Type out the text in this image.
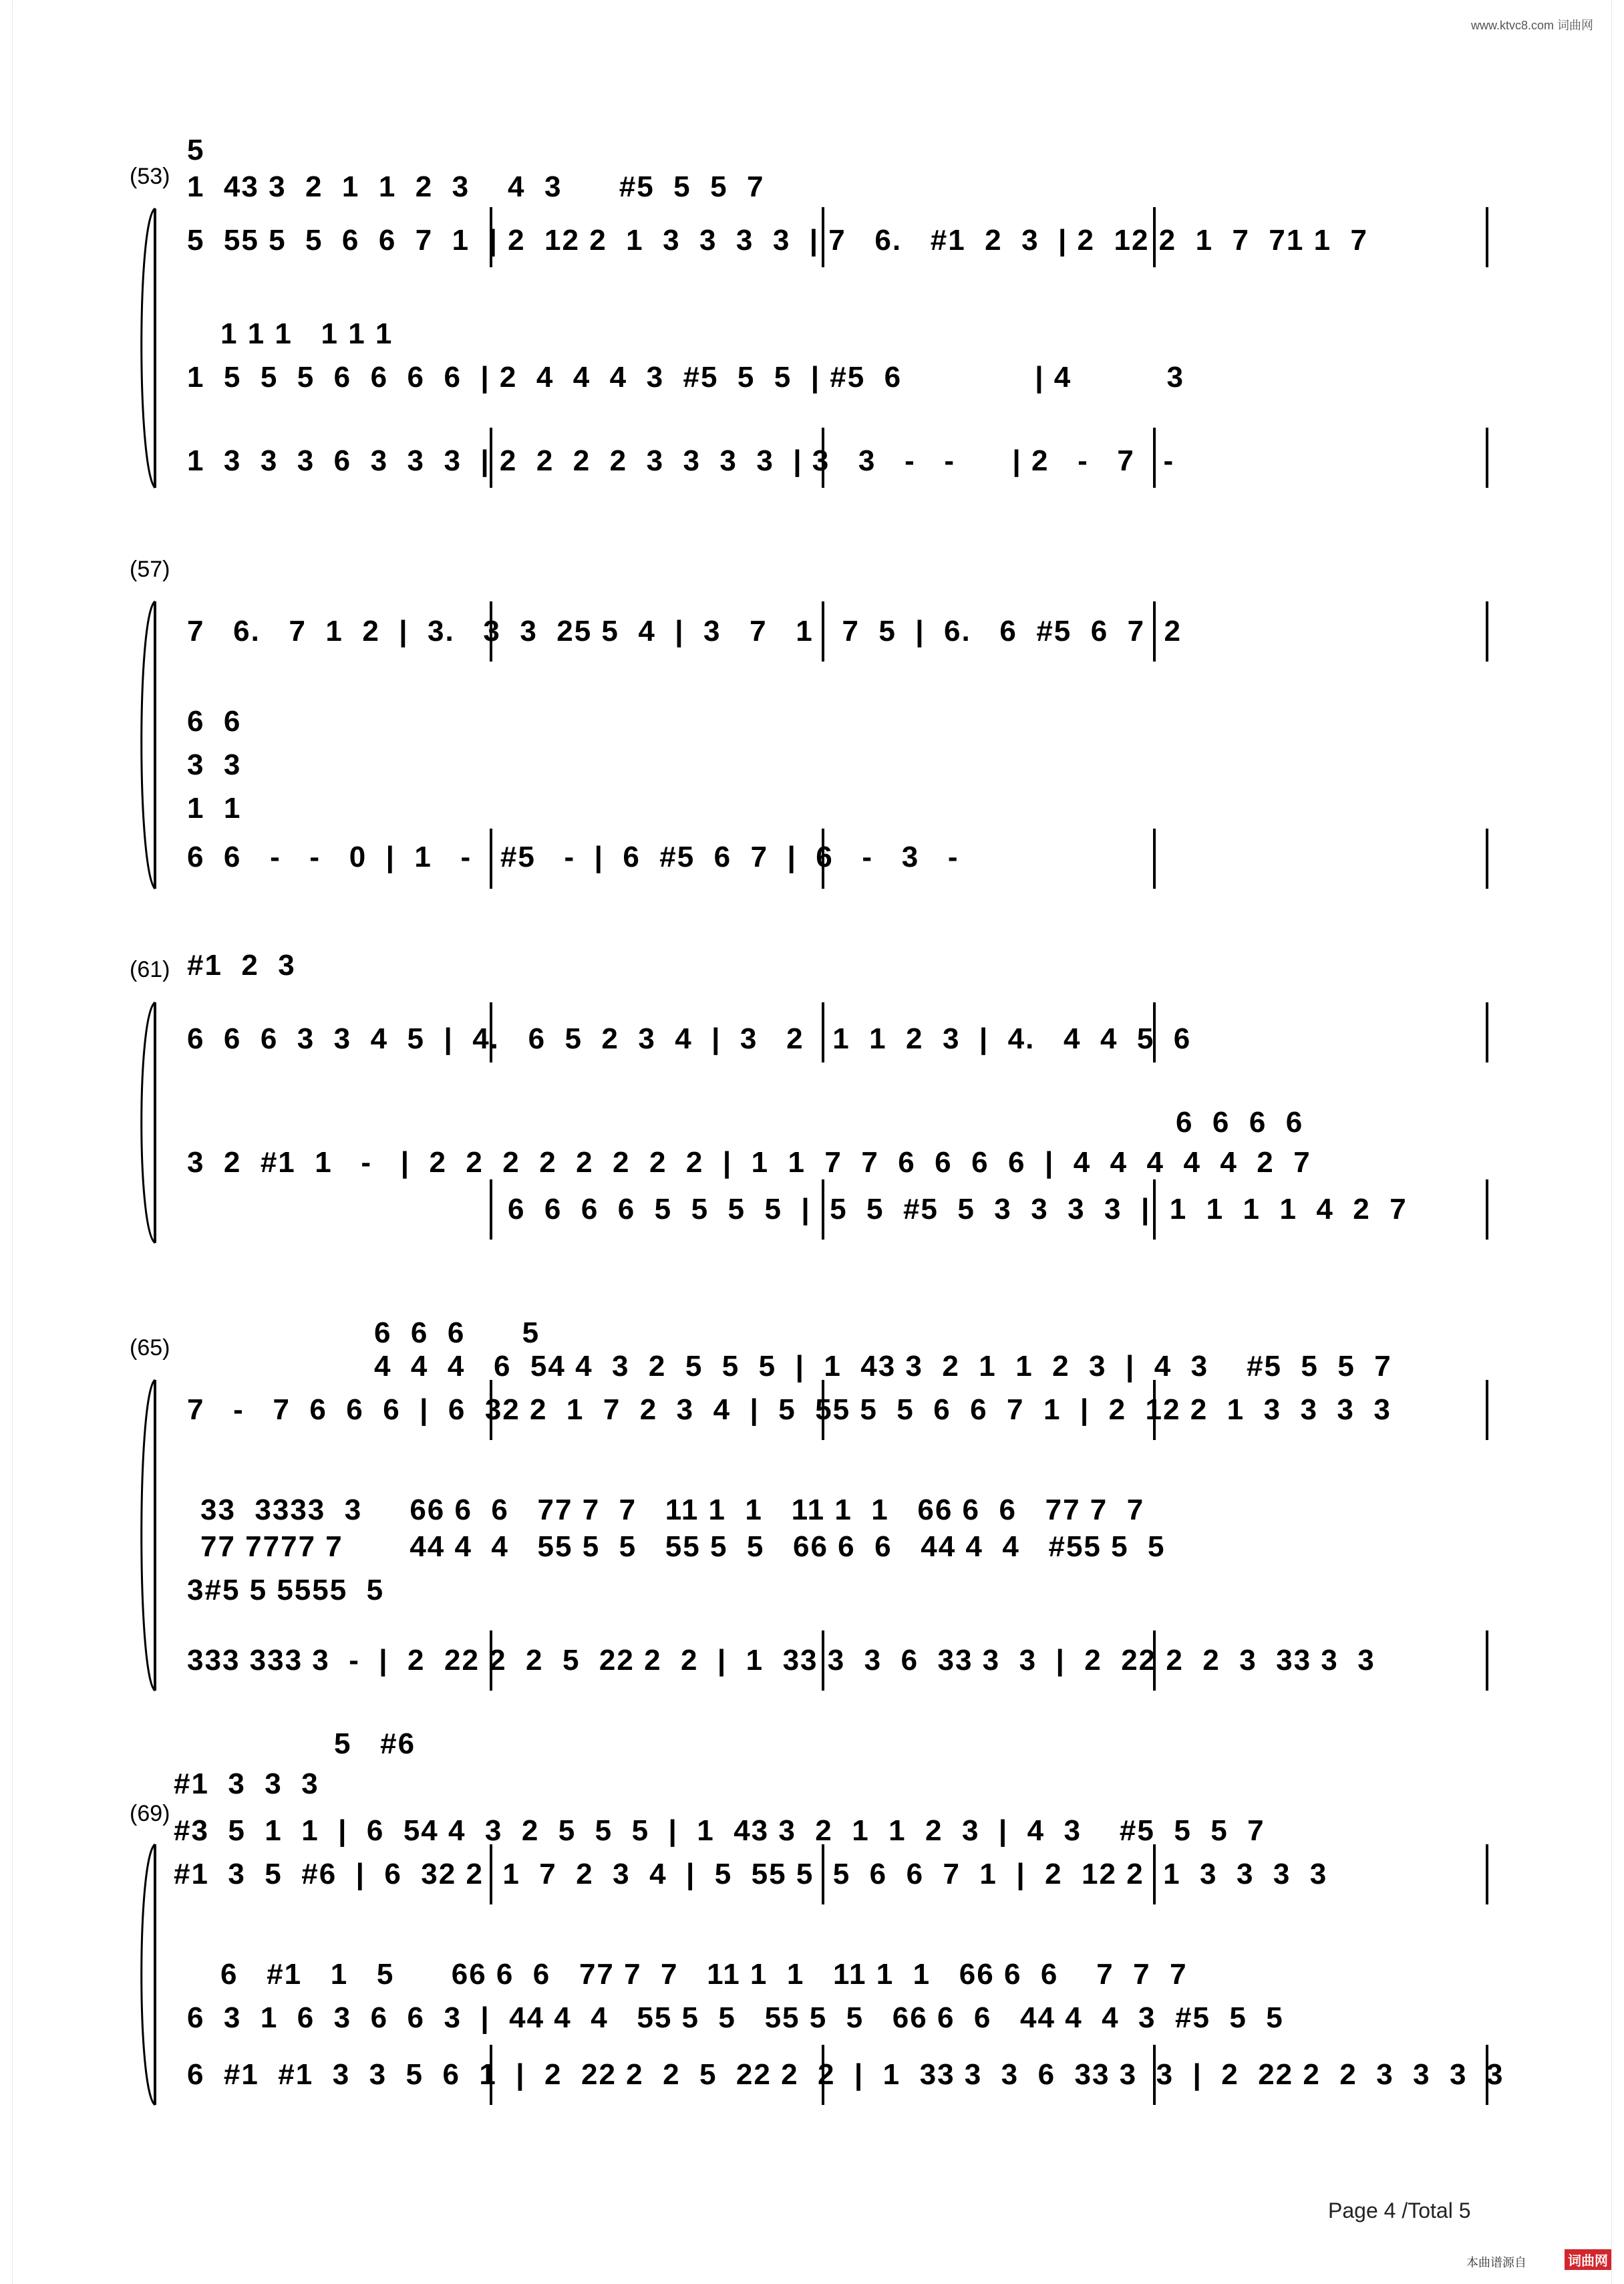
www.ktvc8.com 词曲网
(53)
5
1  43 3  2  1  1  2  3    4  3      #5  5  5  7
5  55 5  5  6  6  7  1  | 2  12 2  1  3  3  3  3  | 7   6.   #1  2  3  | 2  12 2  1  7  71 1  7
1  5  5  5  6  6  6  6  | 2  4  4  4  3  #5  5  5  | #5  6              | 4          3
1  3  3  3  6  3  3  3  | 2  2  2  2  3  3  3  3  | 3   3   -   -      | 2   -   7   -
1 1 1   1 1 1
(57)
7   6.   7  1  2  |  3.   3  3  25 5  4  |  3   7   1   7  5  |  6.   6  #5  6  7  2
6  6
3  3
1  1
6  6   -   -   0  |  1   -   #5   -  |  6  #5  6  7  |  6   -   3   -
(61) #1  2  3
6  6  6  3  3  4  5  |  4.   6  5  2  3  4  |  3   2   1  1  2  3  |  4.   4  4  5  6
6  6  6  6
3  2  #1  1   -   |  2  2  2  2  2  2  2  2  |  1  1  7  7  6  6  6  6  |  4  4  4  4  4  2  7
6  6  6  6  5  5  5  5  |  5  5  #5  5  3  3  3  3  |  1  1  1  1  4  2  7
(65)	6  6  6      5
4  4  4   6  54 4  3  2  5  5  5  |  1  43 3  2  1  1  2  3  |  4  3    #5  5  5  7
7   -   7  6  6  6  |  6  32 2  1  7  2  3  4  |  5  55 5  5  6  6  7  1  |  2  12 2  1  3  3  3  3
33  3333  3     66 6  6   77 7  7   11 1  1   11 1  1   66 6  6   77 7  7
77 7777 7       44 4  4   55 5  5   55 5  5   66 6  6   44 4  4   #55 5  5
3#5 5 5555  5
333 333 3  -  |  2  22 2  2  5  22 2  2  |  1  33 3  3  6  33 3  3  |  2  22 2  2  3  33 3  3
(69)
5   #6
#1  3  3  3
#3  5  1  1  |  6  54 4  3  2  5  5  5  |  1  43 3  2  1  1  2  3  |  4  3    #5  5  5  7
#1  3  5  #6  |  6  32 2  1  7  2  3  4  |  5  55 5  5  6  6  7  1  |  2  12 2  1  3  3  3  3
6   #1   1   5      66 6  6   77 7  7   11 1  1   11 1  1   66 6  6    7  7  7
6  3  1  6  3  6  6  3  |  44 4  4   55 5  5   55 5  5   66 6  6   44 4  4  3  #5  5  5
6  #1  #1  3  3  5  6  1  |  2  22 2  2  5  22 2  2  |  1  33 3  3  6  33 3  3  |  2  22 2  2  3  3  3  3
Page 4 /Total 5
本曲谱源自	词曲网
